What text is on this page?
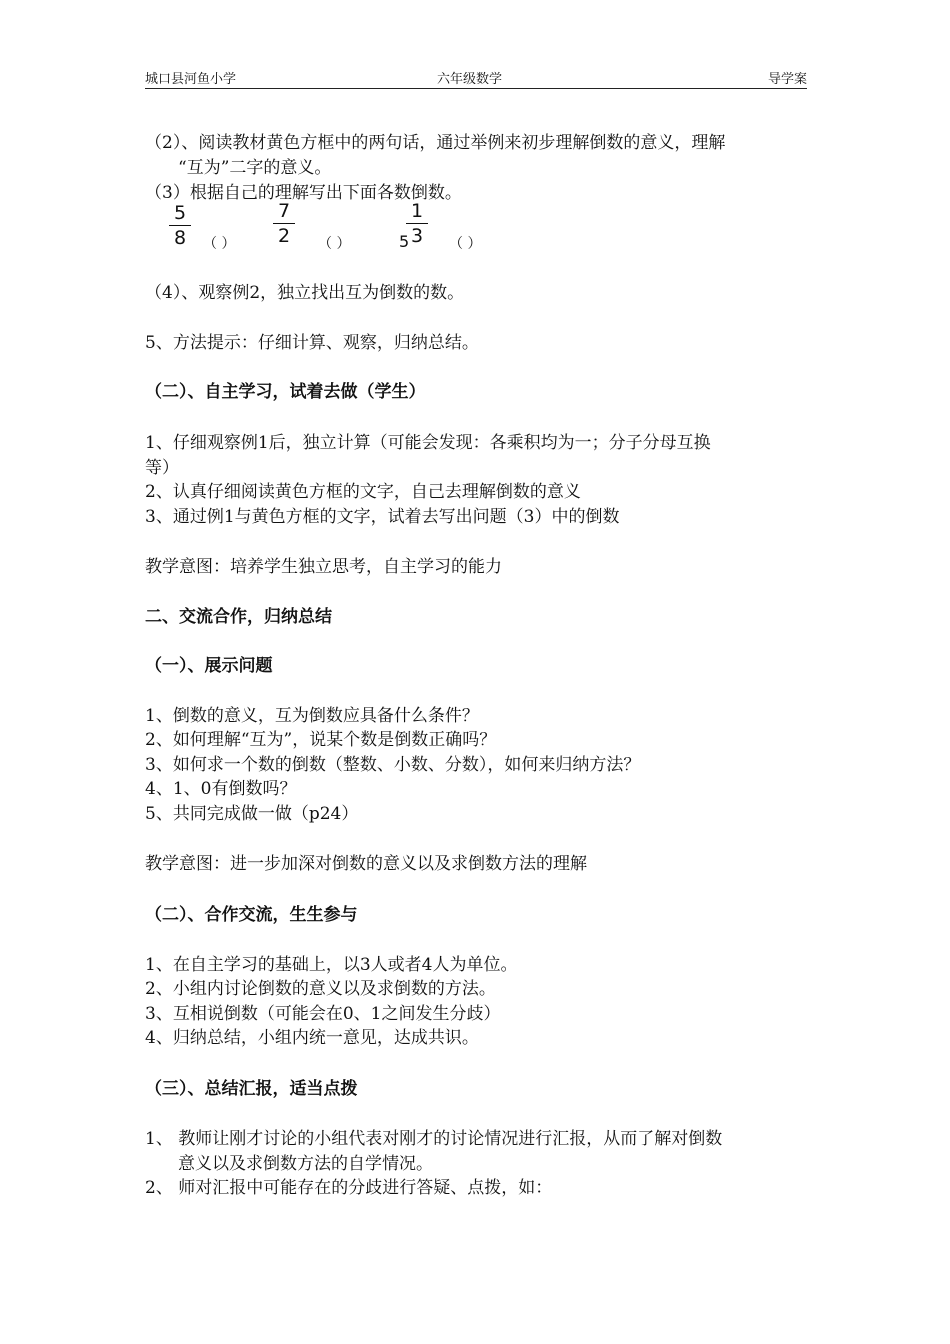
城口县河鱼小学	六年级数学	导学案
（2）、阅读教材黄色方框中的两句话，通过举例来初步理解倒数的意义，理解
“互为”二字的意义。
（3）根据自己的理解写出下面各数倒数。
$\frac{5}{8}$ （ ） $\frac{7}{2}$ （ ）	5
$\frac{1}{3}$ （ ）
（4）、观察例2，独立找出互为倒数的数。
5、方法提示：仔细计算、观察，归纳总结。
（二）、自主学习，试着去做（学生）
1、仔细观察例1后，独立计算（可能会发现：各乘积均为一；分子分母互换
等）
2、认真仔细阅读黄色方框的文字，自己去理解倒数的意义
3、通过例1与黄色方框的文字，试着去写出问题（3）中的倒数
教学意图：培养学生独立思考，自主学习的能力
二、交流合作，归纳总结
（一）、展示问题
1、倒数的意义，互为倒数应具备什么条件？
2、如何理解“互为”，说某个数是倒数正确吗？
3、如何求一个数的倒数（整数、小数、分数），如何来归纳方法？
4、1、0有倒数吗？
5、共同完成做一做（p24）
教学意图：进一步加深对倒数的意义以及求倒数方法的理解
（二）、合作交流，生生参与
1、在自主学习的基础上，以3人或者4人为单位。
2、小组内讨论倒数的意义以及求倒数的方法。
3、互相说倒数（可能会在0、1之间发生分歧）
4、归纳总结，小组内统一意见，达成共识。
（三）、总结汇报，适当点拨
1、 教师让刚才讨论的小组代表对刚才的讨论情况进行汇报，从而了解对倒数
意义以及求倒数方法的自学情况。
2、 师对汇报中可能存在的分歧进行答疑、点拨，如：
